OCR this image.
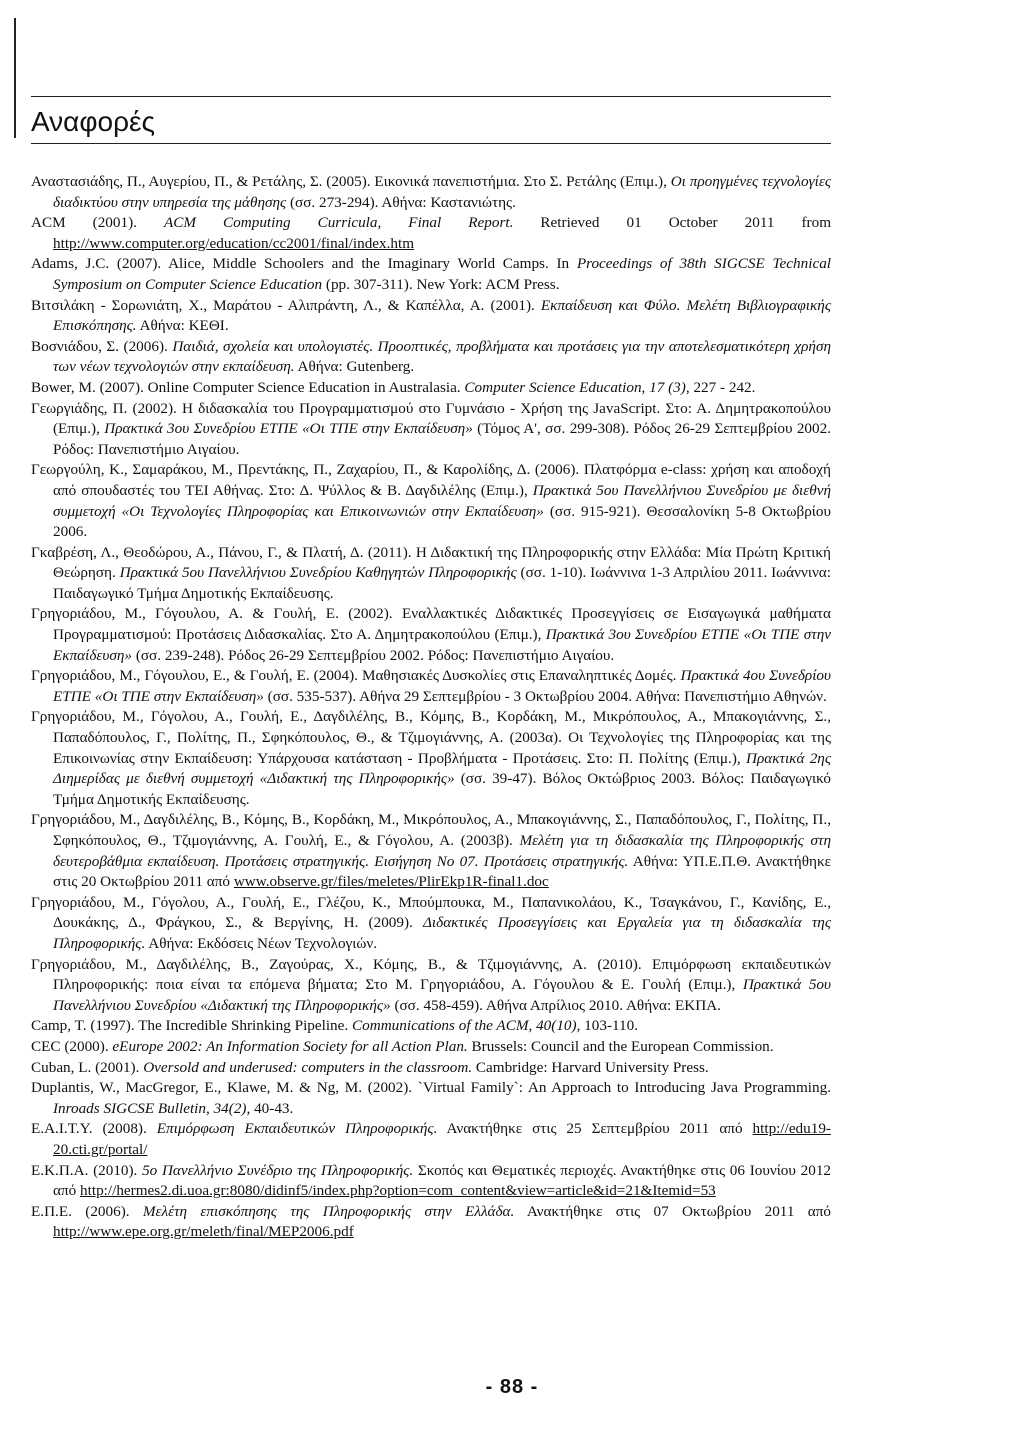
Αναφορές

Αναστασιάδης, Π., Αυγερίου, Π., & Ρετάλης, Σ. (2005). Εικονικά πανεπιστήμια. Στο Σ. Ρετάλης (Επιμ.), Οι προηγμένες τεχνολογίες διαδικτύου στην υπηρεσία της μάθησης (σσ. 273-294). Αθήνα: Καστανιώτης.

ACM (2001). ACM Computing Curricula, Final Report. Retrieved 01 October 2011 from http://www.computer.org/education/cc2001/final/index.htm

Adams, J.C. (2007). Alice, Middle Schoolers and the Imaginary World Camps. In Proceedings of 38th SIGCSE Technical Symposium on Computer Science Education (pp. 307-311). New York: ACM Press.

Βιτσιλάκη - Σορωνιάτη, Χ., Μαράτου - Αλιπράντη, Λ., & Καπέλλα, Α. (2001). Εκπαίδευση και Φύλο. Μελέτη Βιβλιογραφικής Επισκόπησης. Αθήνα: ΚΕΘΙ.

Βοσνιάδου, Σ. (2006). Παιδιά, σχολεία και υπολογιστές. Προοπτικές, προβλήματα και προτάσεις για την αποτελεσματικότερη χρήση των νέων τεχνολογιών στην εκπαίδευση. Αθήνα: Gutenberg.

Bower, M. (2007). Online Computer Science Education in Australasia. Computer Science Education, 17 (3), 227 - 242.

Γεωργιάδης, Π. (2002). Η διδασκαλία του Προγραμματισμού στο Γυμνάσιο - Χρήση της JavaScript. Στο: Α. Δημητρακοπούλου (Επιμ.), Πρακτικά 3ου Συνεδρίου ΕΤΠΕ «Οι ΤΠΕ στην Εκπαίδευση» (Τόμος Α', σσ. 299-308). Ρόδος 26-29 Σεπτεμβρίου 2002. Ρόδος: Πανεπιστήμιο Αιγαίου.

Γεωργούλη, Κ., Σαμαράκου, Μ., Πρεντάκης, Π., Ζαχαρίου, Π., & Καρολίδης, Δ. (2006). Πλατφόρμα e-class: χρήση και αποδοχή από σπουδαστές του ΤΕΙ Αθήνας. Στο: Δ. Ψύλλος & Β. Δαγδιλέλης (Επιμ.), Πρακτικά 5ου Πανελλήνιου Συνεδρίου με διεθνή συμμετοχή «Οι Τεχνολογίες Πληροφορίας και Επικοινωνιών στην Εκπαίδευση» (σσ. 915-921). Θεσσαλονίκη 5-8 Οκτωβρίου 2006.

Γκαβρέση, Λ., Θεοδώρου, Α., Πάνου, Γ., & Πλατή, Δ. (2011). Η Διδακτική της Πληροφορικής στην Ελλάδα: Μία Πρώτη Κριτική Θεώρηση. Πρακτικά 5ου Πανελλήνιου Συνεδρίου Καθηγητών Πληροφορικής (σσ. 1-10). Ιωάννινα 1-3 Απριλίου 2011. Ιωάννινα: Παιδαγωγικό Τμήμα Δημοτικής Εκπαίδευσης.

Γρηγοριάδου, Μ., Γόγουλου, Α. & Γουλή, Ε. (2002). Εναλλακτικές Διδακτικές Προσεγγίσεις σε Εισαγωγικά μαθήματα Προγραμματισμού: Προτάσεις Διδασκαλίας. Στο Α. Δημητρακοπούλου (Επιμ.), Πρακτικά 3ου Συνεδρίου ΕΤΠΕ «Οι ΤΠΕ στην Εκπαίδευση» (σσ. 239-248). Ρόδος 26-29 Σεπτεμβρίου 2002. Ρόδος: Πανεπιστήμιο Αιγαίου.

Γρηγοριάδου, Μ., Γόγουλου, Ε., & Γουλή, Ε. (2004). Μαθησιακές Δυσκολίες στις Επαναληπτικές Δομές. Πρακτικά 4ου Συνεδρίου ΕΤΠΕ «Οι ΤΠΕ στην Εκπαίδευση» (σσ. 535-537). Αθήνα 29 Σεπτεμβρίου - 3 Οκτωβρίου 2004. Αθήνα: Πανεπιστήμιο Αθηνών.

Γρηγοριάδου, Μ., Γόγολου, Α., Γουλή, Ε., Δαγδιλέλης, Β., Κόμης, Β., Κορδάκη, Μ., Μικρόπουλος, Α., Μπακογιάννης, Σ., Παπαδόπουλος, Γ., Πολίτης, Π., Σφηκόπουλος, Θ., & Τζιμογιάννης, Α. (2003α). Οι Τεχνολογίες της Πληροφορίας και της Επικοινωνίας στην Εκπαίδευση: Υπάρχουσα κατάσταση - Προβλήματα - Προτάσεις. Στο: Π. Πολίτης (Επιμ.), Πρακτικά 2ης Διημερίδας με διεθνή συμμετοχή «Διδακτική της Πληροφορικής» (σσ. 39-47). Βόλος Οκτώβριος 2003. Βόλος: Παιδαγωγικό Τμήμα Δημοτικής Εκπαίδευσης.

Γρηγοριάδου, Μ., Δαγδιλέλης, Β., Κόμης, Β., Κορδάκη, Μ., Μικρόπουλος, Α., Μπακογιάννης, Σ., Παπαδόπουλος, Γ., Πολίτης, Π., Σφηκόπουλος, Θ., Τζιμογιάννης, Α. Γουλή, Ε., & Γόγολου, Α. (2003β). Μελέτη για τη διδασκαλία της Πληροφορικής στη δευτεροβάθμια εκπαίδευση. Προτάσεις στρατηγικής. Εισήγηση Νο 07. Προτάσεις στρατηγικής. Αθήνα: ΥΠ.Ε.Π.Θ. Ανακτήθηκε στις 20 Οκτωβρίου 2011 από www.observe.gr/files/meletes/PlirEkp1R-final1.doc

Γρηγοριάδου, Μ., Γόγολου, Α., Γουλή, Ε., Γλέζου, Κ., Μπούμπουκα, Μ., Παπανικολάου, Κ., Τσαγκάνου, Γ., Κανίδης, Ε., Δουκάκης, Δ., Φράγκου, Σ., & Βεργίνης, Η. (2009). Διδακτικές Προσεγγίσεις και Εργαλεία για τη διδασκαλία της Πληροφορικής. Αθήνα: Εκδόσεις Νέων Τεχνολογιών.

Γρηγοριάδου, Μ., Δαγδιλέλης, Β., Ζαγούρας, Χ., Κόμης, Β., & Τζιμογιάννης, Α. (2010). Επιμόρφωση εκπαιδευτικών Πληροφορικής: ποια είναι τα επόμενα βήματα; Στο Μ. Γρηγοριάδου, Α. Γόγουλου & Ε. Γουλή (Επιμ.), Πρακτικά 5ου Πανελλήνιου Συνεδρίου «Διδακτική της Πληροφορικής» (σσ. 458-459). Αθήνα Απρίλιος 2010. Αθήνα: ΕΚΠΑ.

Camp, T. (1997). The Incredible Shrinking Pipeline. Communications of the ACM, 40(10), 103-110.

CEC (2000). eEurope 2002: An Information Society for all Action Plan. Brussels: Council and the European Commission.

Cuban, L. (2001). Oversold and underused: computers in the classroom. Cambridge: Harvard University Press.

Duplantis, W., MacGregor, E., Klawe, M. & Ng, M. (2002). `Virtual Family`: An Approach to Introducing Java Programming. Inroads SIGCSE Bulletin, 34(2), 40-43.

Ε.Α.Ι.Τ.Υ. (2008). Επιμόρφωση Εκπαιδευτικών Πληροφορικής. Ανακτήθηκε στις 25 Σεπτεμβρίου 2011 από http://edu19-20.cti.gr/portal/

Ε.Κ.Π.Α. (2010). 5ο Πανελλήνιο Συνέδριο της Πληροφορικής. Σκοπός και Θεματικές περιοχές. Ανακτήθηκε στις 06 Ιουνίου 2012 από http://hermes2.di.uoa.gr:8080/didinf5/index.php?option=com_content&view=article&id=21&Itemid=53

Ε.Π.Ε. (2006). Μελέτη επισκόπησης της Πληροφορικής στην Ελλάδα. Ανακτήθηκε στις 07 Οκτωβρίου 2011 από http://www.epe.org.gr/meleth/final/MEP2006.pdf

- 88 -
